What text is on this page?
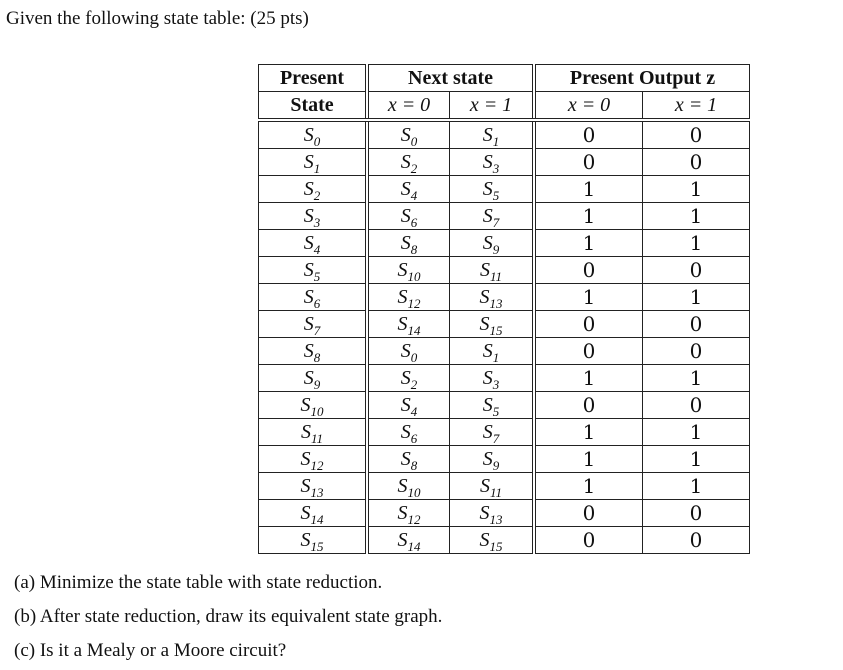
Given the following state table: (25 pts)
Present	Next state		Present Output z	
State	x = 0	x = 1	x = 0	x = 1
$S_0$	$S_0$	$S_1$	0	0
$S_1$	$S_2$	$S_3$	0	0
$S_2$	$S_4$	$S_5$	1	1
$S_3$	$S_6$	$S_7$	1	1
$S_4$	$S_8$	$S_9$	1	1
$S_5$	$S_{10}$	$S_{11}$	0	0
$S_6$	$S_{12}$	$S_{13}$	1	1
$S_7$	$S_{14}$	$S_{15}$	0	0
$S_8$	$S_0$	$S_1$	0	0
$S_9$	$S_2$	$S_3$	1	1
$S_{10}$	$S_4$	$S_5$	0	0
$S_{11}$	$S_6$	$S_7$	1	1
$S_{12}$	$S_8$	$S_9$	1	1
$S_{13}$	$S_{10}$	$S_{11}$	1	1
$S_{14}$	$S_{12}$	$S_{13}$	0	0
$S_{15}$	$S_{14}$	$S_{15}$	0	0
(a) Minimize the state table with state reduction.
(b) After state reduction, draw its equivalent state graph.
(c) Is it a Mealy or a Moore circuit?
